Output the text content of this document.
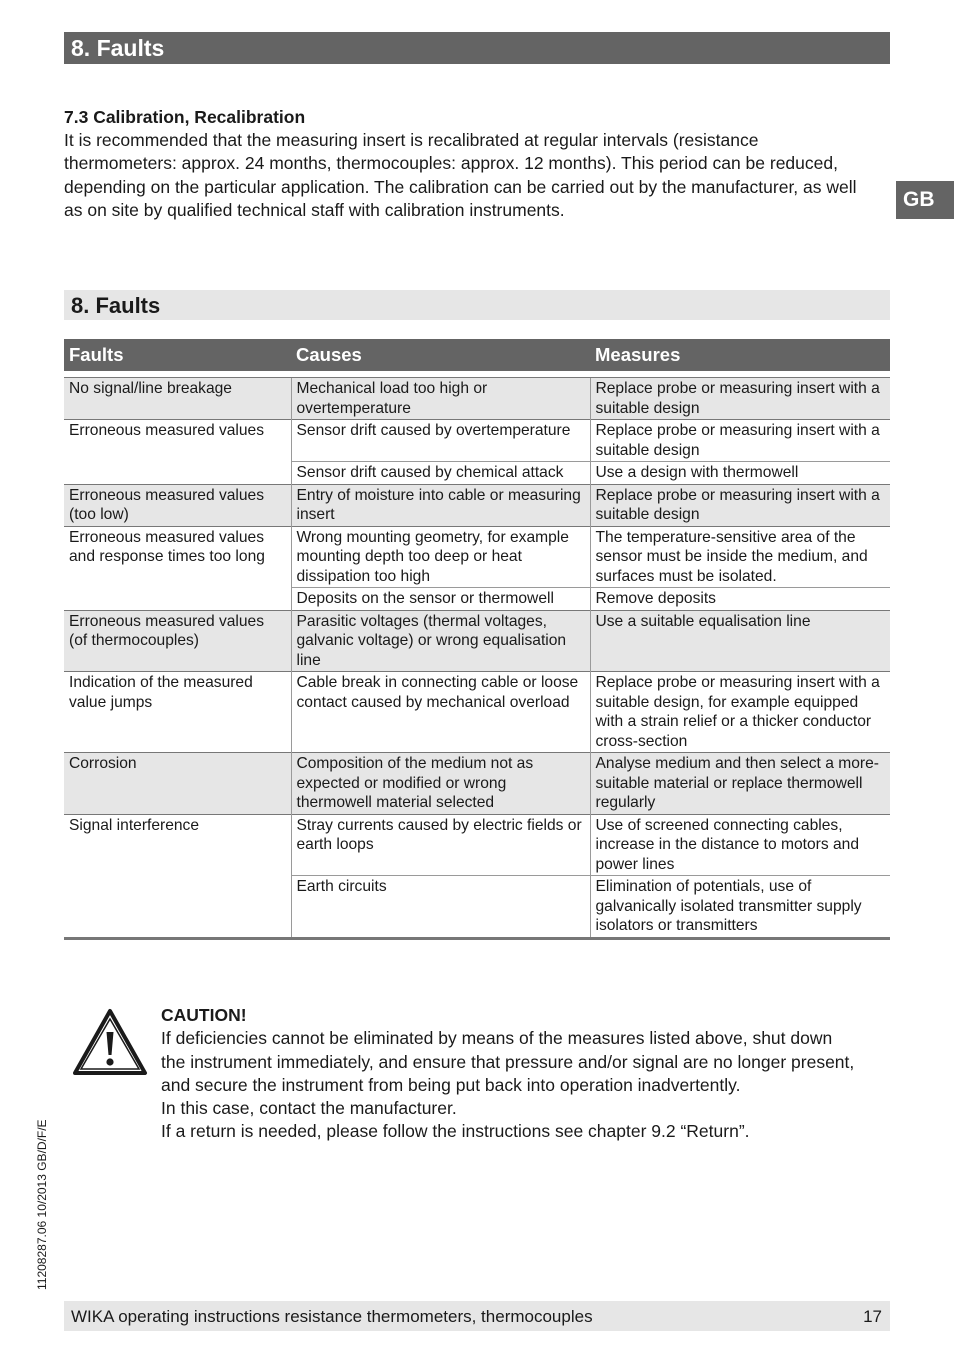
8. Faults
7.3 Calibration, Recalibration
It is recommended that the measuring insert is recalibrated at regular intervals (resistance thermometers: approx. 24 months, thermocouples: approx. 12 months). This period can be reduced, depending on the particular application. The calibration can be carried out by the manufacturer, as well as on site by qualified technical staff with calibration instruments.	GB
8. Faults
Faults	Causes	Measures

No signal/line breakage	Mechanical load too high or overtemperature	Replace probe or measuring insert with a suitable design
Erroneous measured values	Sensor drift caused by overtemperature	Replace probe or measuring insert with a suitable design
	Sensor drift caused by chemical attack	Use a design with thermowell
Erroneous measured values (too low)	Entry of moisture into cable or measuring insert	Replace probe or measuring insert with a suitable design
Erroneous measured values and response times too long	Wrong mounting geometry, for example mounting depth too deep or heat dissipation too high	The temperature-sensitive area of the sensor must be inside the medium, and surfaces must be isolated.
	Deposits on the sensor or thermowell	Remove deposits
Erroneous measured values (of thermocouples)	Parasitic voltages (thermal voltages, galvanic voltage) or wrong equalisation line	Use a suitable equalisation line
Indication of the measured value jumps	Cable break in connecting cable or loose contact caused by mechanical overload	Replace probe or measuring insert with a suitable design, for example equipped with a strain relief or a thicker conductor cross-section
Corrosion	Composition of the medium not as expected or modified or wrong thermowell material selected	Analyse medium and then select a more-suitable material or replace thermowell regularly
Signal interference	Stray currents caused by electric fields or earth loops	Use of screened connecting cables, increase in the distance to motors and power lines
	Earth circuits	Elimination of potentials, use of galvanically isolated transmitter supply isolators or transmitters
CAUTION!
If deficiencies cannot be eliminated by means of the measures listed above, shut down the instrument immediately, and ensure that pressure and/or signal are no longer present, and secure the instrument from being put back into operation inadvertently.
In this case, contact the manufacturer.
If a return is needed, please follow the instructions see chapter 9.2 “Return”.
11208287.06 10/2013 GB/D/F/E
WIKA operating instructions resistance thermometers, thermocouples	17
